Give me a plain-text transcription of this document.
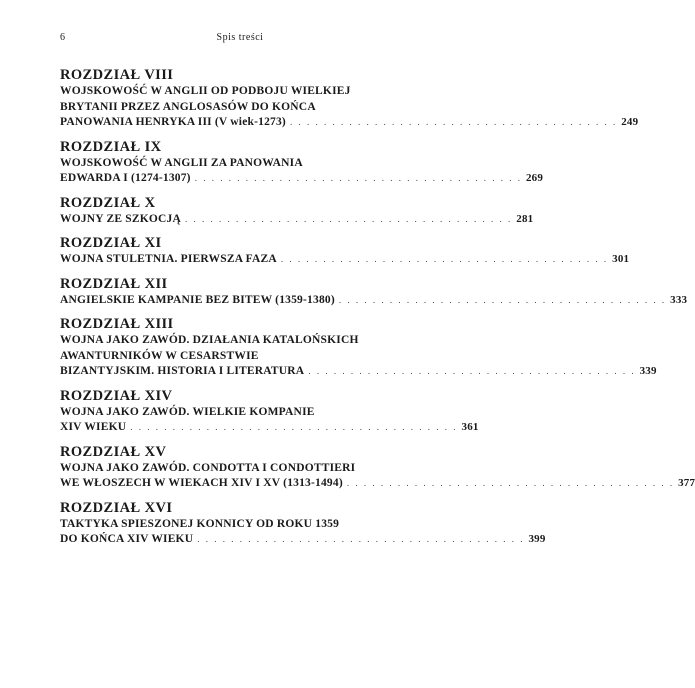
6	Spis treści
ROZDZIAŁ VIII
WOJSKOWOŚĆ W ANGLII OD PODBOJU WIELKIEJ
BRYTANII PRZEZ ANGLOSASÓW DO KOŃCA
PANOWANIA HENRYKA III (V wiek-1273) . . . . . . . . . . . . . . . . . . . . . . . . . . . . . . . . . . . . . . . 249
ROZDZIAŁ IX
WOJSKOWOŚĆ W ANGLII ZA PANOWANIA
EDWARDA I (1274-1307) . . . . . . . . . . . . . . . . . . . . . . . . . . . . . . . . . . . . . . . 269
ROZDZIAŁ X
WOJNY ZE SZKOCJĄ . . . . . . . . . . . . . . . . . . . . . . . . . . . . . . . . . . . . . . . 281
ROZDZIAŁ XI
WOJNA STULETNIA. PIERWSZA FAZA . . . . . . . . . . . . . . . . . . . . . . . . . . . . . . . . . . . . . . . 301
ROZDZIAŁ XII
ANGIELSKIE KAMPANIE BEZ BITEW (1359-1380) . . . . . . . . . . . . . . . . . . . . . . . . . . . . . . . . . . . . . . . 333
ROZDZIAŁ XIII
WOJNA JAKO ZAWÓD. DZIAŁANIA KATALOŃSKICH
AWANTURNIKÓW W CESARSTWIE
BIZANTYJSKIM. HISTORIA I LITERATURA . . . . . . . . . . . . . . . . . . . . . . . . . . . . . . . . . . . . . . . 339
ROZDZIAŁ XIV
WOJNA JAKO ZAWÓD. WIELKIE KOMPANIE
XIV WIEKU . . . . . . . . . . . . . . . . . . . . . . . . . . . . . . . . . . . . . . . 361
ROZDZIAŁ XV
WOJNA JAKO ZAWÓD. CONDOTTA I CONDOTTIERI
WE WŁOSZECH W WIEKACH XIV I XV (1313-1494) . . . . . . . . . . . . . . . . . . . . . . . . . . . . . . . . . . . . . . . 377
ROZDZIAŁ XVI
TAKTYKA SPIESZONEJ KONNICY OD ROKU 1359
DO KOŃCA XIV WIEKU . . . . . . . . . . . . . . . . . . . . . . . . . . . . . . . . . . . . . . . 399
